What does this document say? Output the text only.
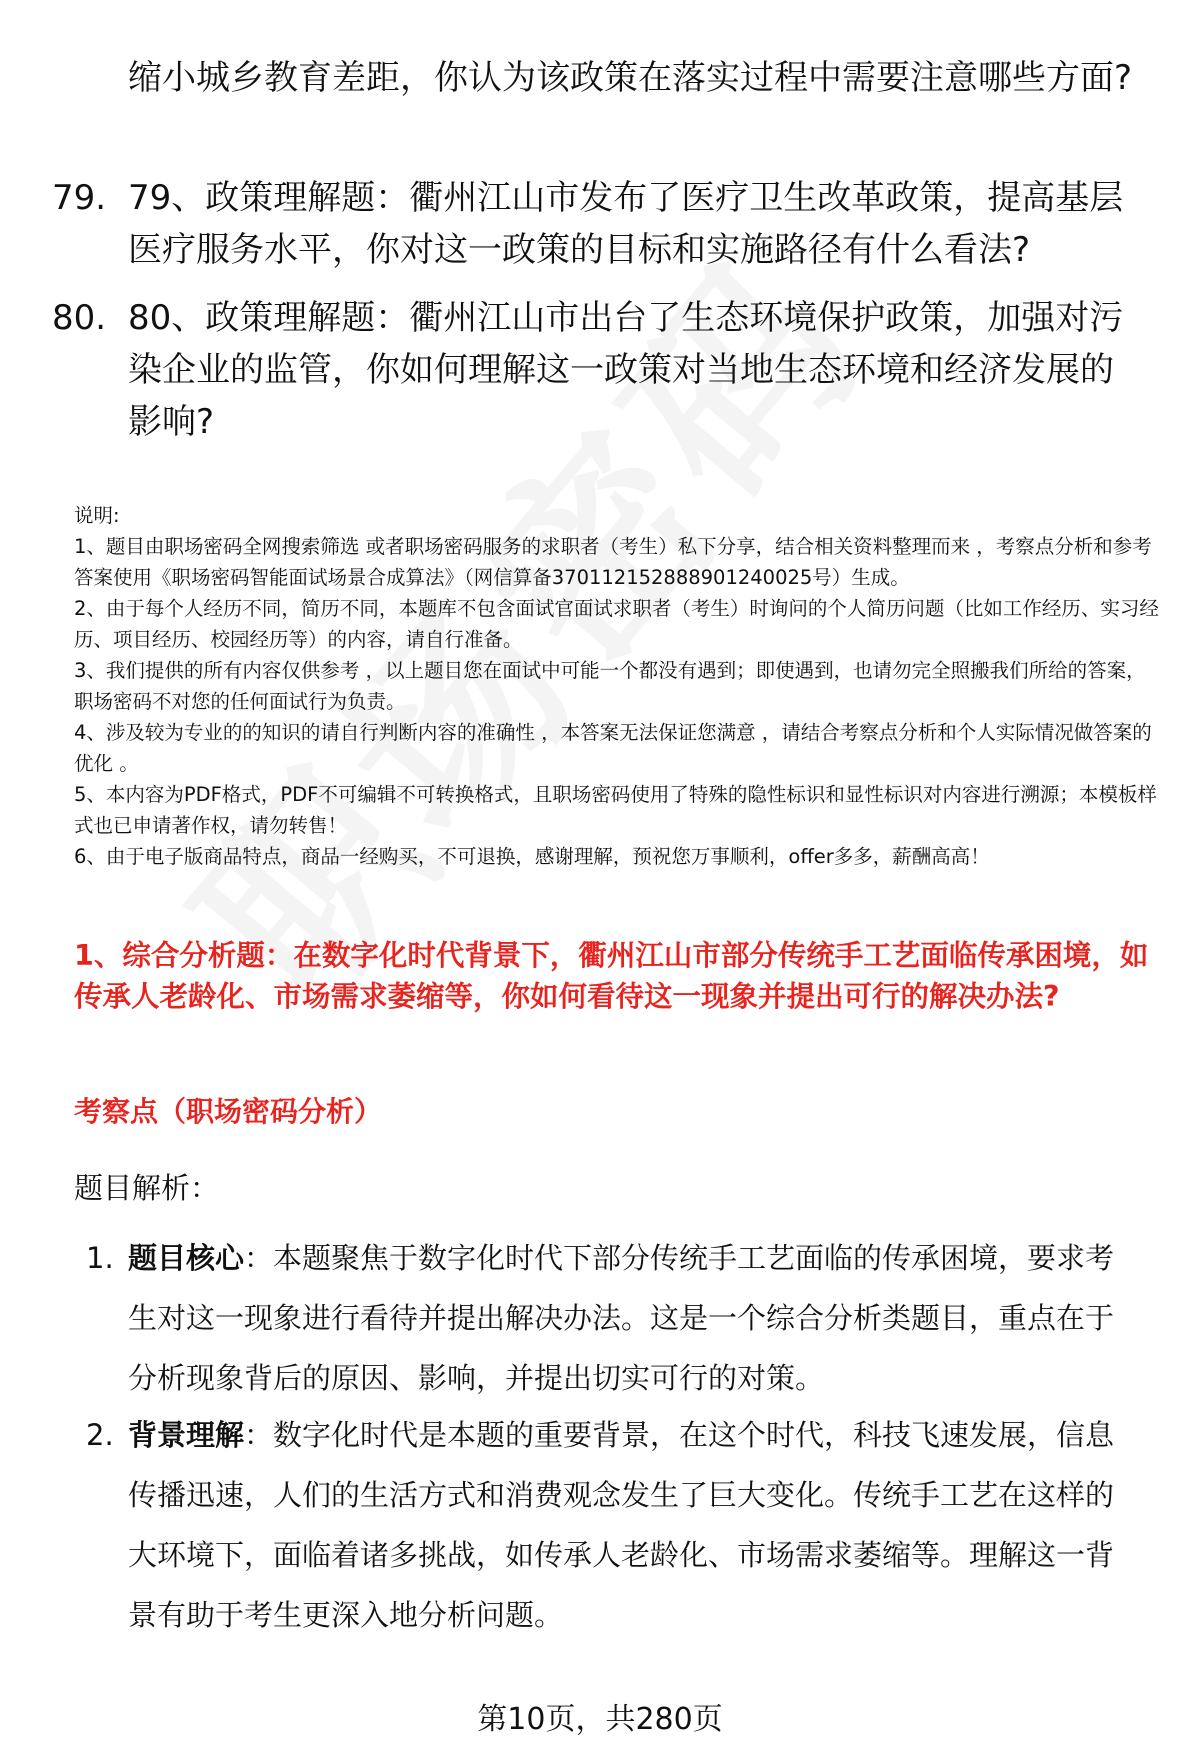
缩小城乡教育差距，你认为该政策在落实过程中需要注意哪些方面?
79. 79、政策理解题：衢州江山市发布了医疗卫生改革政策，提高基层医疗服务水平，你对这一政策的目标和实施路径有什么看法?
80. 80、政策理解题：衢州江山市出台了生态环境保护政策，加强对污染企业的监管，你如何理解这一政策对当地生态环境和经济发展的影响?

说明:

1、题目由职场密码全网搜索筛选 或者职场密码服务的求职者（考生）私下分享，结合相关资料整理而来 ，考察点分析和参考答案使用《职场密码智能面试场景合成算法》（网信算备370112152888901240025号）生成。

2、由于每个人经历不同，简历不同，本题库不包含面试官面试求职者（考生）时询问的个人简历问题（比如工作经历、实习经历、项目经历、校园经历等）的内容，请自行准备。

3、我们提供的所有内容仅供参考 ，以上题目您在面试中可能一个都没有遇到；即使遇到，也请勿完全照搬我们所给的答案，职场密码不对您的任何面试行为负责。

4、涉及较为专业的的知识的请自行判断内容的准确性 ，本答案无法保证您满意 ，请结合考察点分析和个人实际情况做答案的优化 。

5、本内容为PDF格式，PDF不可编辑不可转换格式，且职场密码使用了特殊的隐性标识和显性标识对内容进行溯源；本模板样式也已申请著作权，请勿转售！

6、由于电子版商品特点，商品一经购买，不可退换，感谢理解，预祝您万事顺利，offer多多，薪酬高高！

1、综合分析题：在数字化时代背景下，衢州江山市部分传统手工艺面临传承困境，如传承人老龄化、市场需求萎缩等，你如何看待这一现象并提出可行的解决办法?
考察点（职场密码分析）
题目解析：
1. 题目核心：本题聚焦于数字化时代下部分传统手工艺面临的传承困境，要求考生对这一现象进行看待并提出解决办法。这是一个综合分析类题目，重点在于分析现象背后的原因、影响，并提出切实可行的对策。
2. 背景理解：数字化时代是本题的重要背景，在这个时代，科技飞速发展，信息传播迅速，人们的生活方式和消费观念发生了巨大变化。传统手工艺在这样的大环境下，面临着诸多挑战，如传承人老龄化、市场需求萎缩等。理解这一背景有助于考生更深入地分析问题。
第10页，共280页
